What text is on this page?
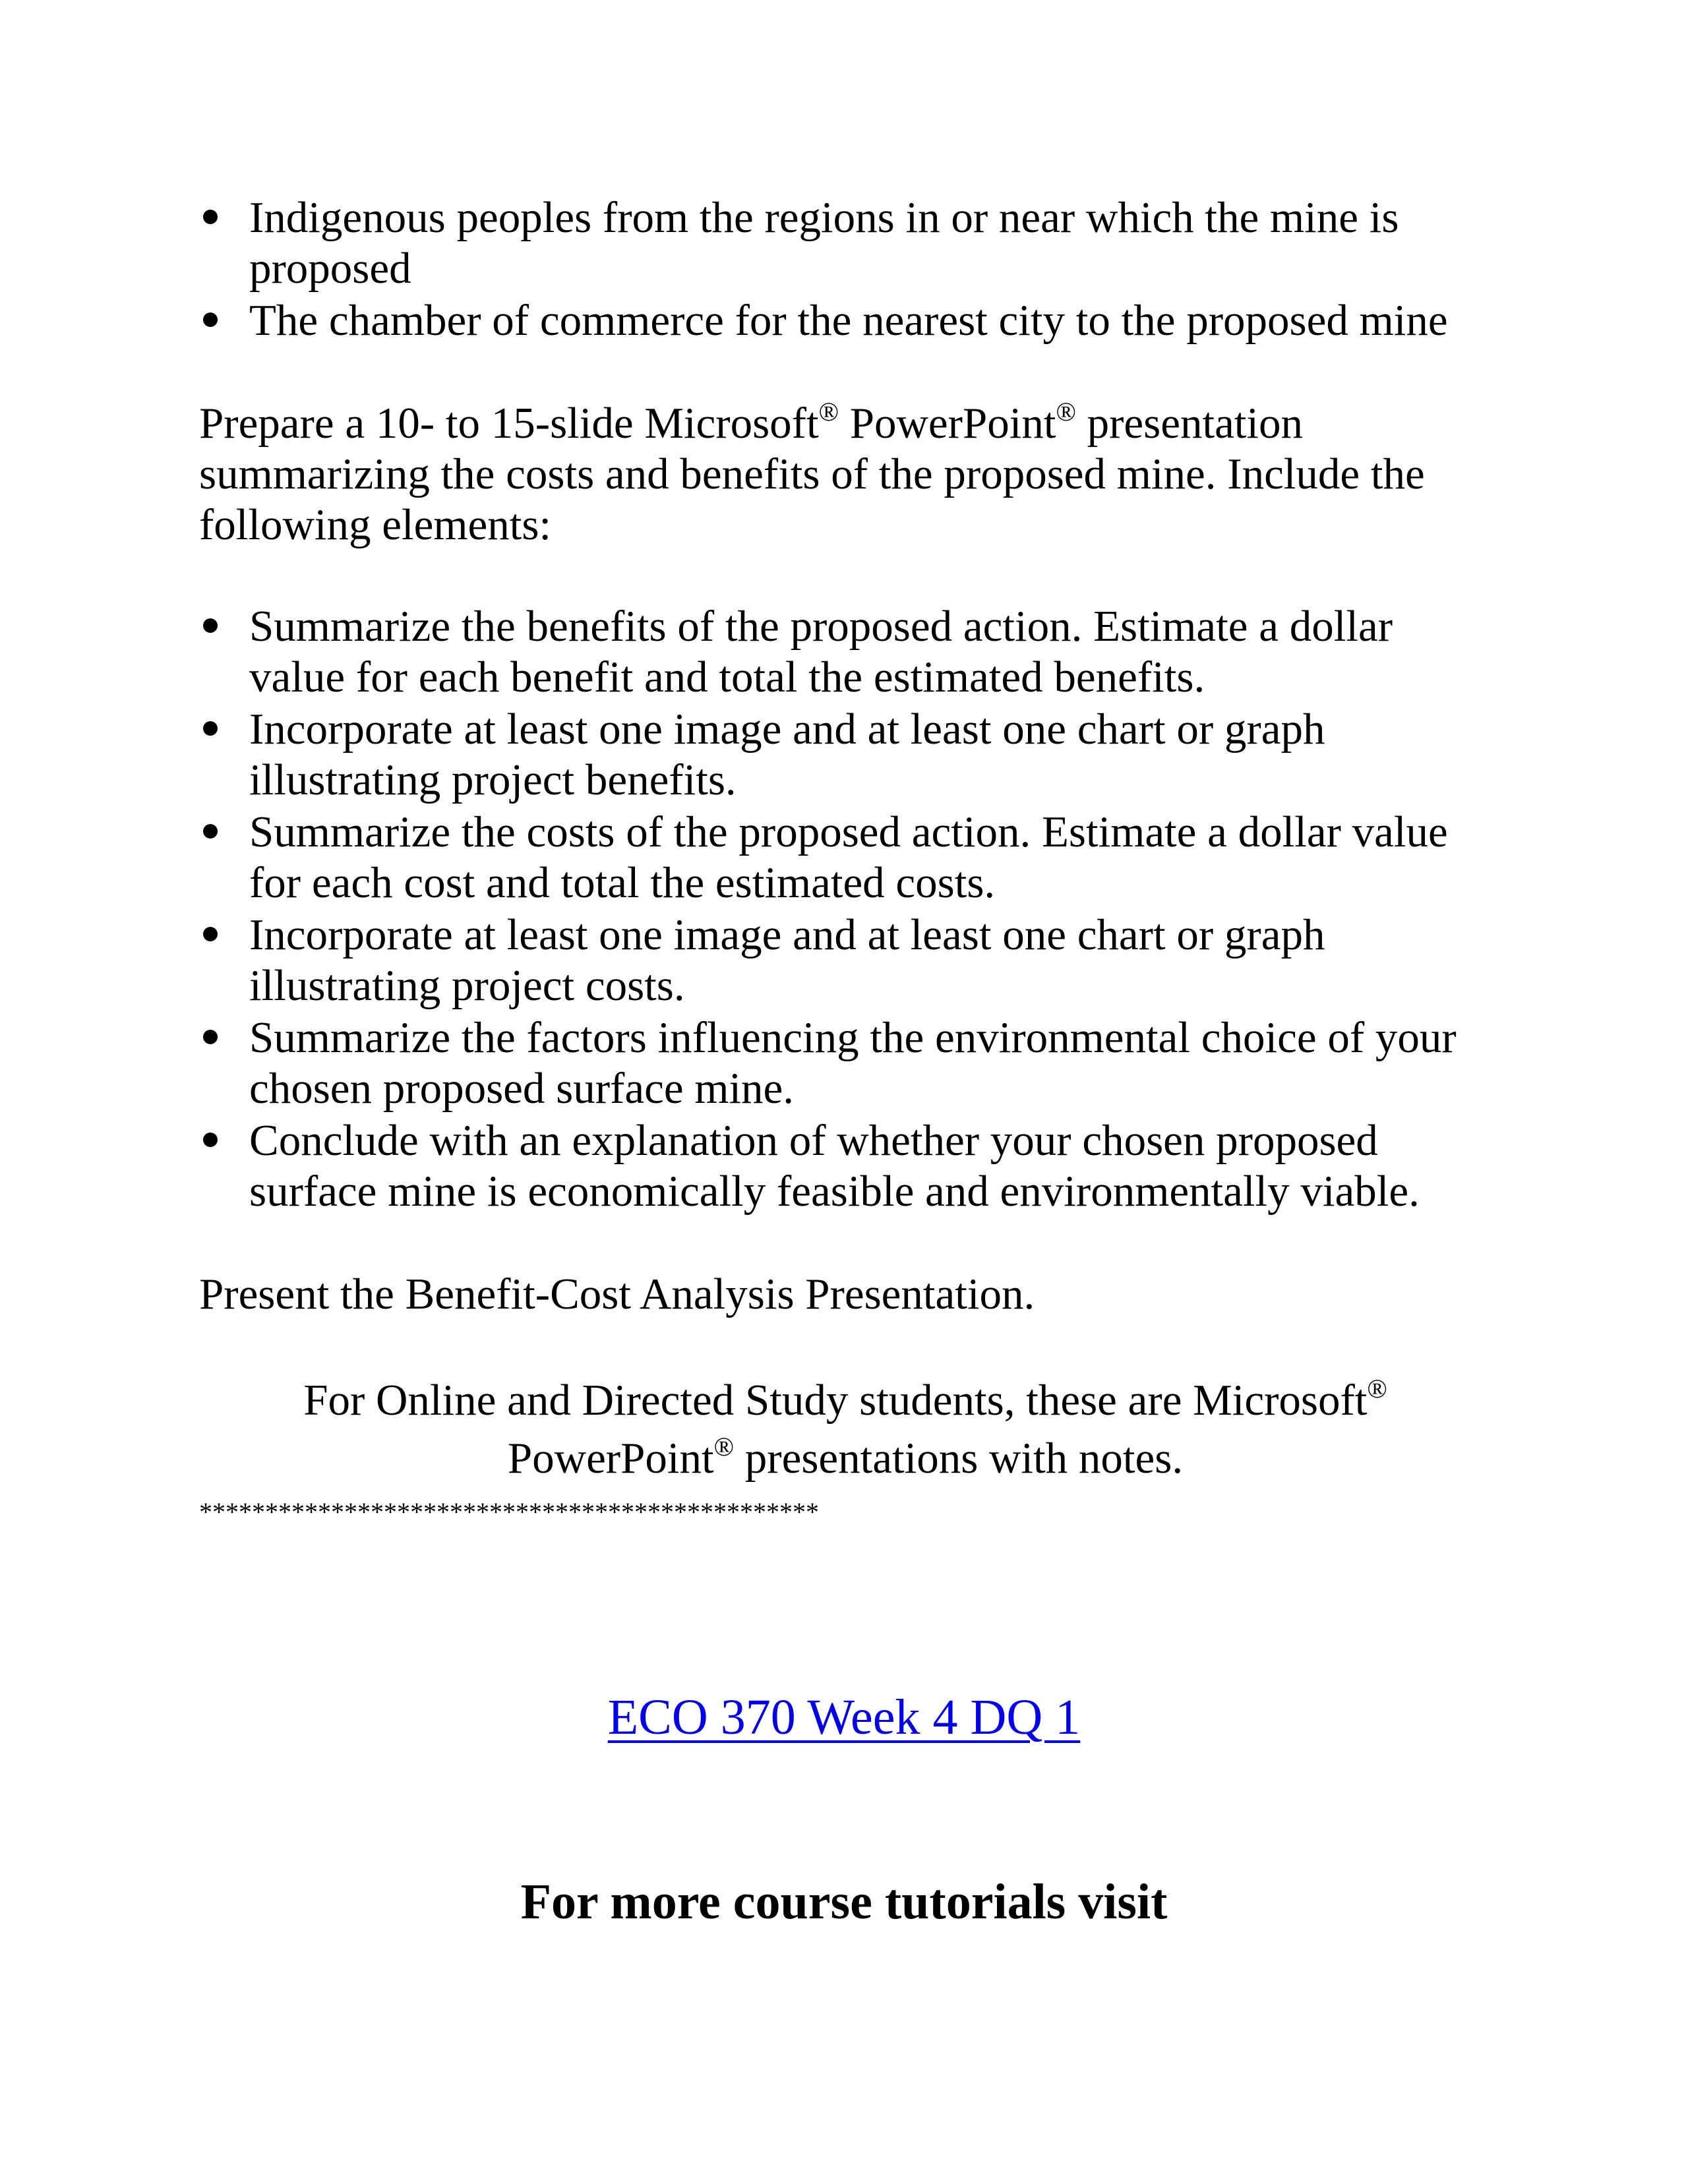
Indigenous peoples from the regions in or near which the mine is proposed
The chamber of commerce for the nearest city to the proposed mine

Prepare a 10- to 15-slide Microsoft® PowerPoint® presentation summarizing the costs and benefits of the proposed mine. Include the following elements:

Summarize the benefits of the proposed action. Estimate a dollar value for each benefit and total the estimated benefits.
Incorporate at least one image and at least one chart or graph illustrating project benefits.
Summarize the costs of the proposed action. Estimate a dollar value for each cost and total the estimated costs.
Incorporate at least one image and at least one chart or graph illustrating project costs.
Summarize the factors influencing the environmental choice of your chosen proposed surface mine.
Conclude with an explanation of whether your chosen proposed surface mine is economically feasible and environmentally viable.

Present the Benefit-Cost Analysis Presentation.

For Online and Directed Study students, these are Microsoft®
PowerPoint® presentations with notes.
***********************************************
ECO 370 Week 4 DQ 1
For more course tutorials visit
